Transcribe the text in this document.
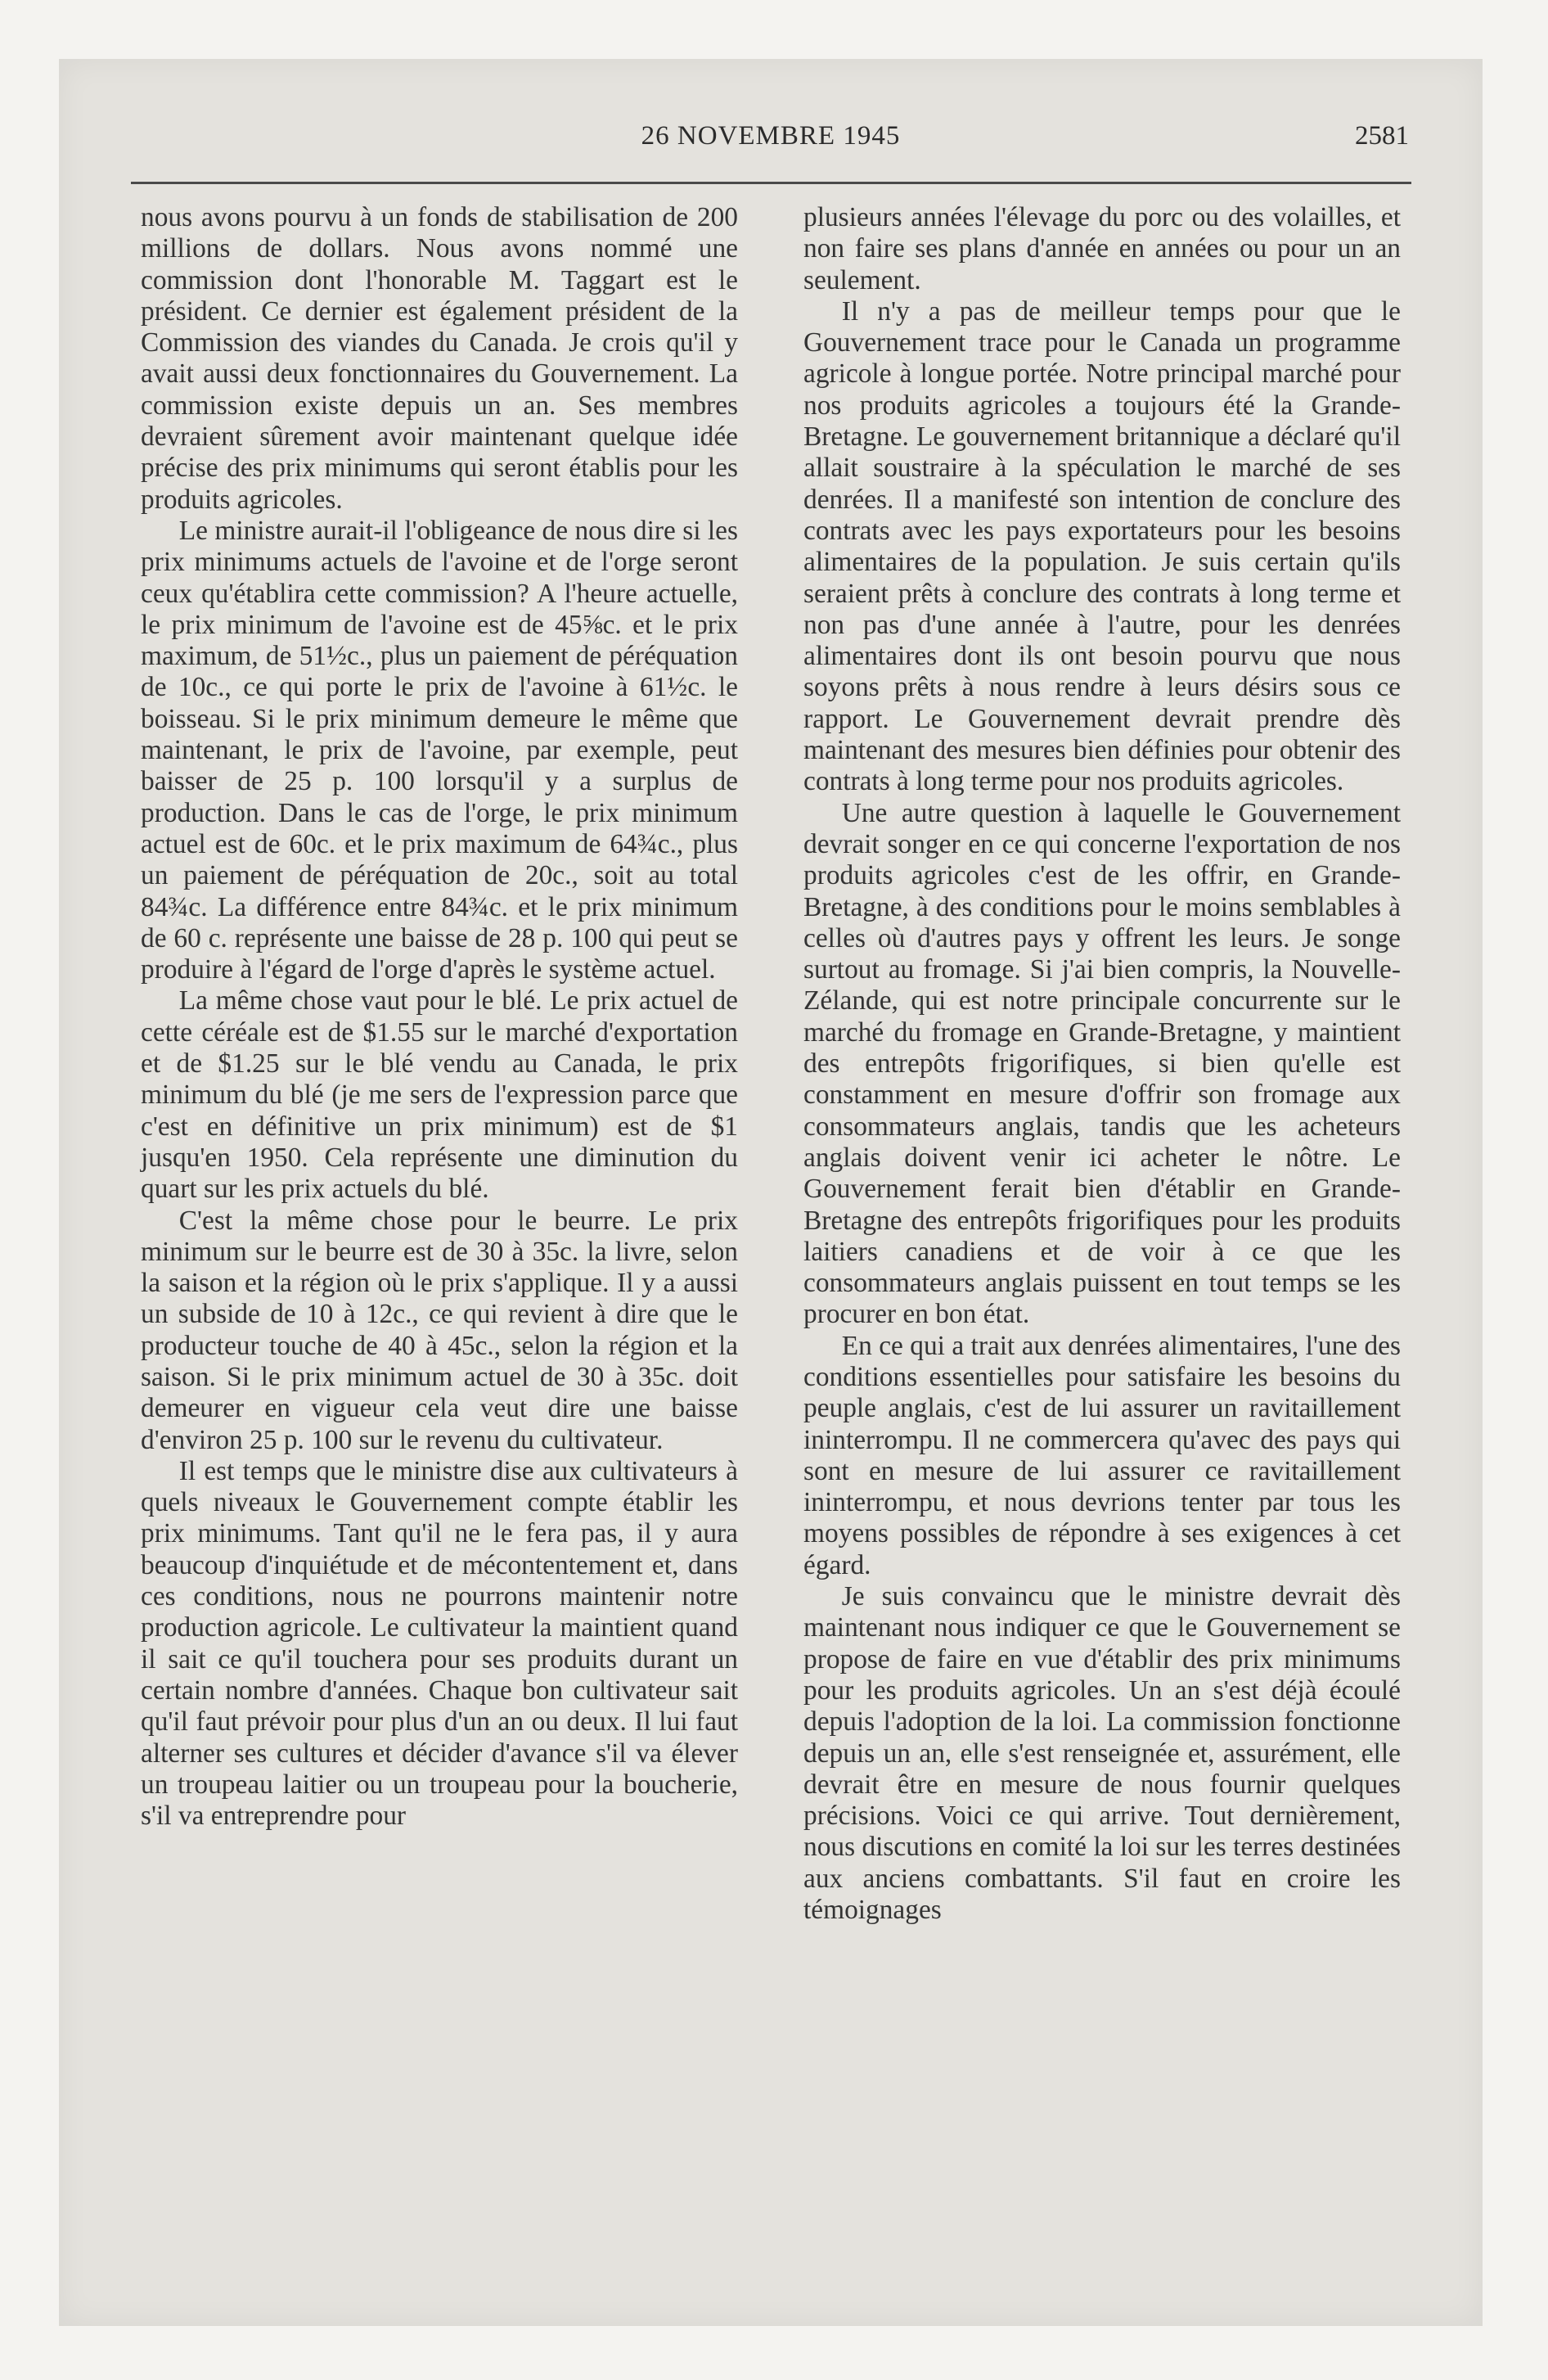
26 NOVEMBRE 1945	2581

nous avons pourvu à un fonds de stabilisation de 200 millions de dollars. Nous avons nommé une commission dont l'honorable M. Taggart est le président. Ce dernier est également président de la Commission des viandes du Canada. Je crois qu'il y avait aussi deux fonctionnaires du Gouvernement. La commission existe depuis un an. Ses membres devraient sûrement avoir maintenant quelque idée précise des prix minimums qui seront établis pour les produits agricoles.

Le ministre aurait-il l'obligeance de nous dire si les prix minimums actuels de l'avoine et de l'orge seront ceux qu'établira cette commission? A l'heure actuelle, le prix minimum de l'avoine est de 45⅝c. et le prix maximum, de 51½c., plus un paiement de péréquation de 10c., ce qui porte le prix de l'avoine à 61½c. le boisseau. Si le prix minimum demeure le même que maintenant, le prix de l'avoine, par exemple, peut baisser de 25 p. 100 lorsqu'il y a surplus de production. Dans le cas de l'orge, le prix minimum actuel est de 60c. et le prix maximum de 64¾c., plus un paiement de péréquation de 20c., soit au total 84¾c. La différence entre 84¾c. et le prix minimum de 60 c. représente une baisse de 28 p. 100 qui peut se produire à l'égard de l'orge d'après le système actuel.

La même chose vaut pour le blé. Le prix actuel de cette céréale est de $1.55 sur le marché d'exportation et de $1.25 sur le blé vendu au Canada, le prix minimum du blé (je me sers de l'expression parce que c'est en définitive un prix minimum) est de $1 jusqu'en 1950. Cela représente une diminution du quart sur les prix actuels du blé.

C'est la même chose pour le beurre. Le prix minimum sur le beurre est de 30 à 35c. la livre, selon la saison et la région où le prix s'applique. Il y a aussi un subside de 10 à 12c., ce qui revient à dire que le producteur touche de 40 à 45c., selon la région et la saison. Si le prix minimum actuel de 30 à 35c. doit demeurer en vigueur cela veut dire une baisse d'environ 25 p. 100 sur le revenu du cultivateur.

Il est temps que le ministre dise aux cultivateurs à quels niveaux le Gouvernement compte établir les prix minimums. Tant qu'il ne le fera pas, il y aura beaucoup d'inquiétude et de mécontentement et, dans ces conditions, nous ne pourrons maintenir notre production agricole. Le cultivateur la maintient quand il sait ce qu'il touchera pour ses produits durant un certain nombre d'années. Chaque bon cultivateur sait qu'il faut prévoir pour plus d'un an ou deux. Il lui faut alterner ses cultures et décider d'avance s'il va élever un troupeau laitier ou un troupeau pour la boucherie, s'il va entreprendre pour

plusieurs années l'élevage du porc ou des volailles, et non faire ses plans d'année en années ou pour un an seulement.

Il n'y a pas de meilleur temps pour que le Gouvernement trace pour le Canada un programme agricole à longue portée. Notre principal marché pour nos produits agricoles a toujours été la Grande-Bretagne. Le gouvernement britannique a déclaré qu'il allait soustraire à la spéculation le marché de ses denrées. Il a manifesté son intention de conclure des contrats avec les pays exportateurs pour les besoins alimentaires de la population. Je suis certain qu'ils seraient prêts à conclure des contrats à long terme et non pas d'une année à l'autre, pour les denrées alimentaires dont ils ont besoin pourvu que nous soyons prêts à nous rendre à leurs désirs sous ce rapport. Le Gouvernement devrait prendre dès maintenant des mesures bien définies pour obtenir des contrats à long terme pour nos produits agricoles.

Une autre question à laquelle le Gouvernement devrait songer en ce qui concerne l'exportation de nos produits agricoles c'est de les offrir, en Grande-Bretagne, à des conditions pour le moins semblables à celles où d'autres pays y offrent les leurs. Je songe surtout au fromage. Si j'ai bien compris, la Nouvelle-Zélande, qui est notre principale concurrente sur le marché du fromage en Grande-Bretagne, y maintient des entrepôts frigorifiques, si bien qu'elle est constamment en mesure d'offrir son fromage aux consommateurs anglais, tandis que les acheteurs anglais doivent venir ici acheter le nôtre. Le Gouvernement ferait bien d'établir en Grande-Bretagne des entrepôts frigorifiques pour les produits laitiers canadiens et de voir à ce que les consommateurs anglais puissent en tout temps se les procurer en bon état.

En ce qui a trait aux denrées alimentaires, l'une des conditions essentielles pour satisfaire les besoins du peuple anglais, c'est de lui assurer un ravitaillement ininterrompu. Il ne commercera qu'avec des pays qui sont en mesure de lui assurer ce ravitaillement ininterrompu, et nous devrions tenter par tous les moyens possibles de répondre à ses exigences à cet égard.

Je suis convaincu que le ministre devrait dès maintenant nous indiquer ce que le Gouvernement se propose de faire en vue d'établir des prix minimums pour les produits agricoles. Un an s'est déjà écoulé depuis l'adoption de la loi. La commission fonctionne depuis un an, elle s'est renseignée et, assurément, elle devrait être en mesure de nous fournir quelques précisions. Voici ce qui arrive. Tout dernièrement, nous discutions en comité la loi sur les terres destinées aux anciens combattants. S'il faut en croire les témoignages
